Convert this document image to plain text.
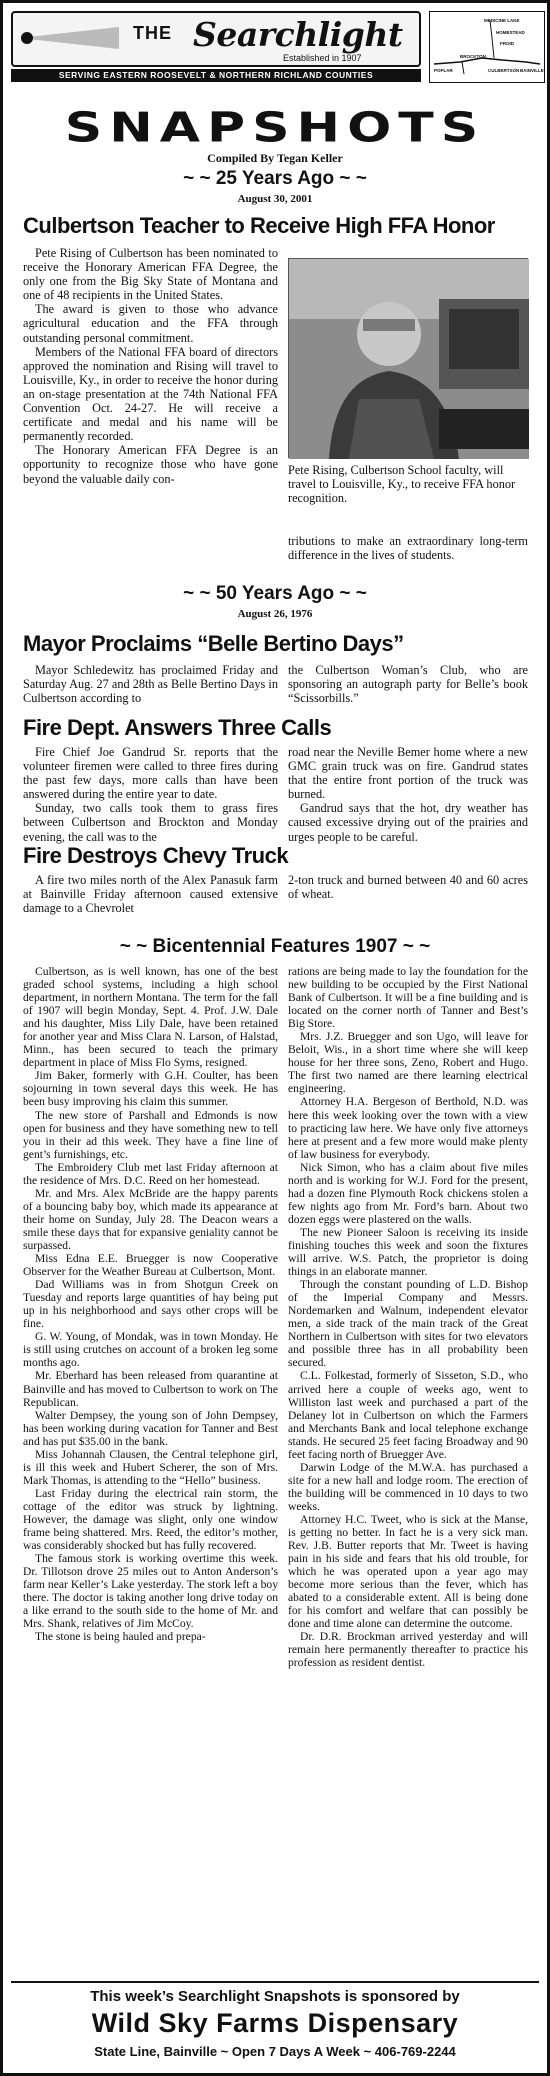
THE Searchlight
Established in 1907
SERVING EASTERN ROOSEVELT & NORTHERN RICHLAND COUNTIES
MEDICINE LAKE
HOMESTEAD
FROID
BROCKTON
CULBERTSON BAINVILLE
POPLAR
SNAPSHOTS
Compiled By Tegan Keller
~ ~ 25 Years Ago ~ ~
August 30, 2001
Culbertson Teacher to Receive High FFA Honor

Pete Rising of Culbertson has been nominated to receive the Honorary American FFA Degree, the only one from the Big Sky State of Montana and one of 48 recipients in the United States.

The award is given to those who advance agricultural education and the FFA through outstanding personal commitment.

Members of the National FFA board of directors approved the nomination and Rising will travel to Louisville, Ky., in order to receive the honor during an on-stage presentation at the 74th National FFA Convention Oct. 24-27. He will receive a certificate and medal and his name will be permanently recorded.

The Honorary American FFA Degree is an opportunity to recognize those who have gone beyond the valuable daily con-

Pete Rising, Culbertson School faculty, will travel to Louisville, Ky., to receive FFA honor recognition.

tributions to make an extraordinary long-term difference in the lives of students.

~ ~ 50 Years Ago ~ ~
August 26, 1976
Mayor Proclaims “Belle Bertino Days”

Mayor Schledewitz has proclaimed Friday and Saturday Aug. 27 and 28th as Belle Bertino Days in Culbertson according to

the Culbertson Woman’s Club, who are sponsoring an autograph party for Belle’s book “Scissorbills.”

Fire Dept. Answers Three Calls

Fire Chief Joe Gandrud Sr. reports that the volunteer firemen were called to three fires during the past few days, more calls than have been answered during the entire year to date.

Sunday, two calls took them to grass fires between Culbertson and Brockton and Monday evening, the call was to the

road near the Neville Bemer home where a new GMC grain truck was on fire. Gandrud states that the entire front portion of the truck was burned.

Gandrud says that the hot, dry weather has caused excessive drying out of the prairies and urges people to be careful.

Fire Destroys Chevy Truck

A fire two miles north of the Alex Panasuk farm at Bainville Friday afternoon caused extensive damage to a Chevrolet

2-ton truck and burned between 40 and 60 acres of wheat.

~ ~ Bicentennial Features 1907 ~ ~

Culbertson, as is well known, has one of the best graded school systems, including a high school department, in northern Montana. The term for the fall of 1907 will begin Monday, Sept. 4. Prof. J.W. Dale and his daughter, Miss Lily Dale, have been retained for another year and Miss Clara N. Larson, of Halstad, Minn., has been secured to teach the primary department in place of Miss Flo Syms, resigned.

Jim Baker, formerly with G.H. Coulter, has been sojourning in town several days this week. He has been busy improving his claim this summer.

The new store of Parshall and Edmonds is now open for business and they have something new to tell you in their ad this week. They have a fine line of gent’s furnishings, etc.

The Embroidery Club met last Friday afternoon at the residence of Mrs. D.C. Reed on her homestead.

Mr. and Mrs. Alex McBride are the happy parents of a bouncing baby boy, which made its appearance at their home on Sunday, July 28. The Deacon wears a smile these days that for expansive geniality cannot be surpassed.

Miss Edna E.E. Bruegger is now Cooperative Observer for the Weather Bureau at Culbertson, Mont.

Dad Williams was in from Shotgun Creek on Tuesday and reports large quantities of hay being put up in his neighborhood and says other crops will be fine.

G. W. Young, of Mondak, was in town Monday. He is still using crutches on account of a broken leg some months ago.

Mr. Eberhard has been released from quarantine at Bainville and has moved to Culbertson to work on The Republican.

Walter Dempsey, the young son of John Dempsey, has been working during vacation for Tanner and Best and has put $35.00 in the bank.

Miss Johannah Clausen, the Central telephone girl, is ill this week and Hubert Scherer, the son of Mrs. Mark Thomas, is attending to the “Hello” business.

Last Friday during the electrical rain storm, the cottage of the editor was struck by lightning. However, the damage was slight, only one window frame being shattered. Mrs. Reed, the editor’s mother, was considerably shocked but has fully recovered.

The famous stork is working overtime this week. Dr. Tillotson drove 25 miles out to Anton Anderson’s farm near Keller’s Lake yesterday. The stork left a boy there. The doctor is taking another long drive today on a like errand to the south side to the home of Mr. and Mrs. Shank, relatives of Jim McCoy.

The stone is being hauled and prepa-

rations are being made to lay the foundation for the new building to be occupied by the First National Bank of Culbertson. It will be a fine building and is located on the corner north of Tanner and Best’s Big Store.

Mrs. J.Z. Bruegger and son Ugo, will leave for Beloit, Wis., in a short time where she will keep house for her three sons, Zeno, Robert and Hugo. The first two named are there learning electrical engineering.

Attorney H.A. Bergeson of Berthold, N.D. was here this week looking over the town with a view to practicing law here. We have only five attorneys here at present and a few more would make plenty of law business for everybody.

Nick Simon, who has a claim about five miles north and is working for W.J. Ford for the present, had a dozen fine Plymouth Rock chickens stolen a few nights ago from Mr. Ford’s barn. About two dozen eggs were plastered on the walls.

The new Pioneer Saloon is receiving its inside finishing touches this week and soon the fixtures will arrive. W.S. Patch, the proprietor is doing things in an elaborate manner.

Through the constant pounding of L.D. Bishop of the Imperial Company and Messrs. Nordemarken and Walnum, independent elevator men, a side track of the main track of the Great Northern in Culbertson with sites for two elevators and possible three has in all probability been secured.

C.L. Folkestad, formerly of Sisseton, S.D., who arrived here a couple of weeks ago, went to Williston last week and purchased a part of the Delaney lot in Culbertson on which the Farmers and Merchants Bank and local telephone exchange stands. He secured 25 feet facing Broadway and 90 feet facing north of Bruegger Ave.

Darwin Lodge of the M.W.A. has purchased a site for a new hall and lodge room. The erection of the building will be commenced in 10 days to two weeks.

Attorney H.C. Tweet, who is sick at the Manse, is getting no better. In fact he is a very sick man. Rev. J.B. Butter reports that Mr. Tweet is having pain in his side and fears that his old trouble, for which he was operated upon a year ago may become more serious than the fever, which has abated to a considerable extent. All is being done for his comfort and welfare that can possibly be done and time alone can determine the outcome.

Dr. D.R. Brockman arrived yesterday and will remain here permanently thereafter to practice his profession as resident dentist.

This week’s Searchlight Snapshots is sponsored by
Wild Sky Farms Dispensary
State Line, Bainville ~ Open 7 Days A Week ~ 406-769-2244
